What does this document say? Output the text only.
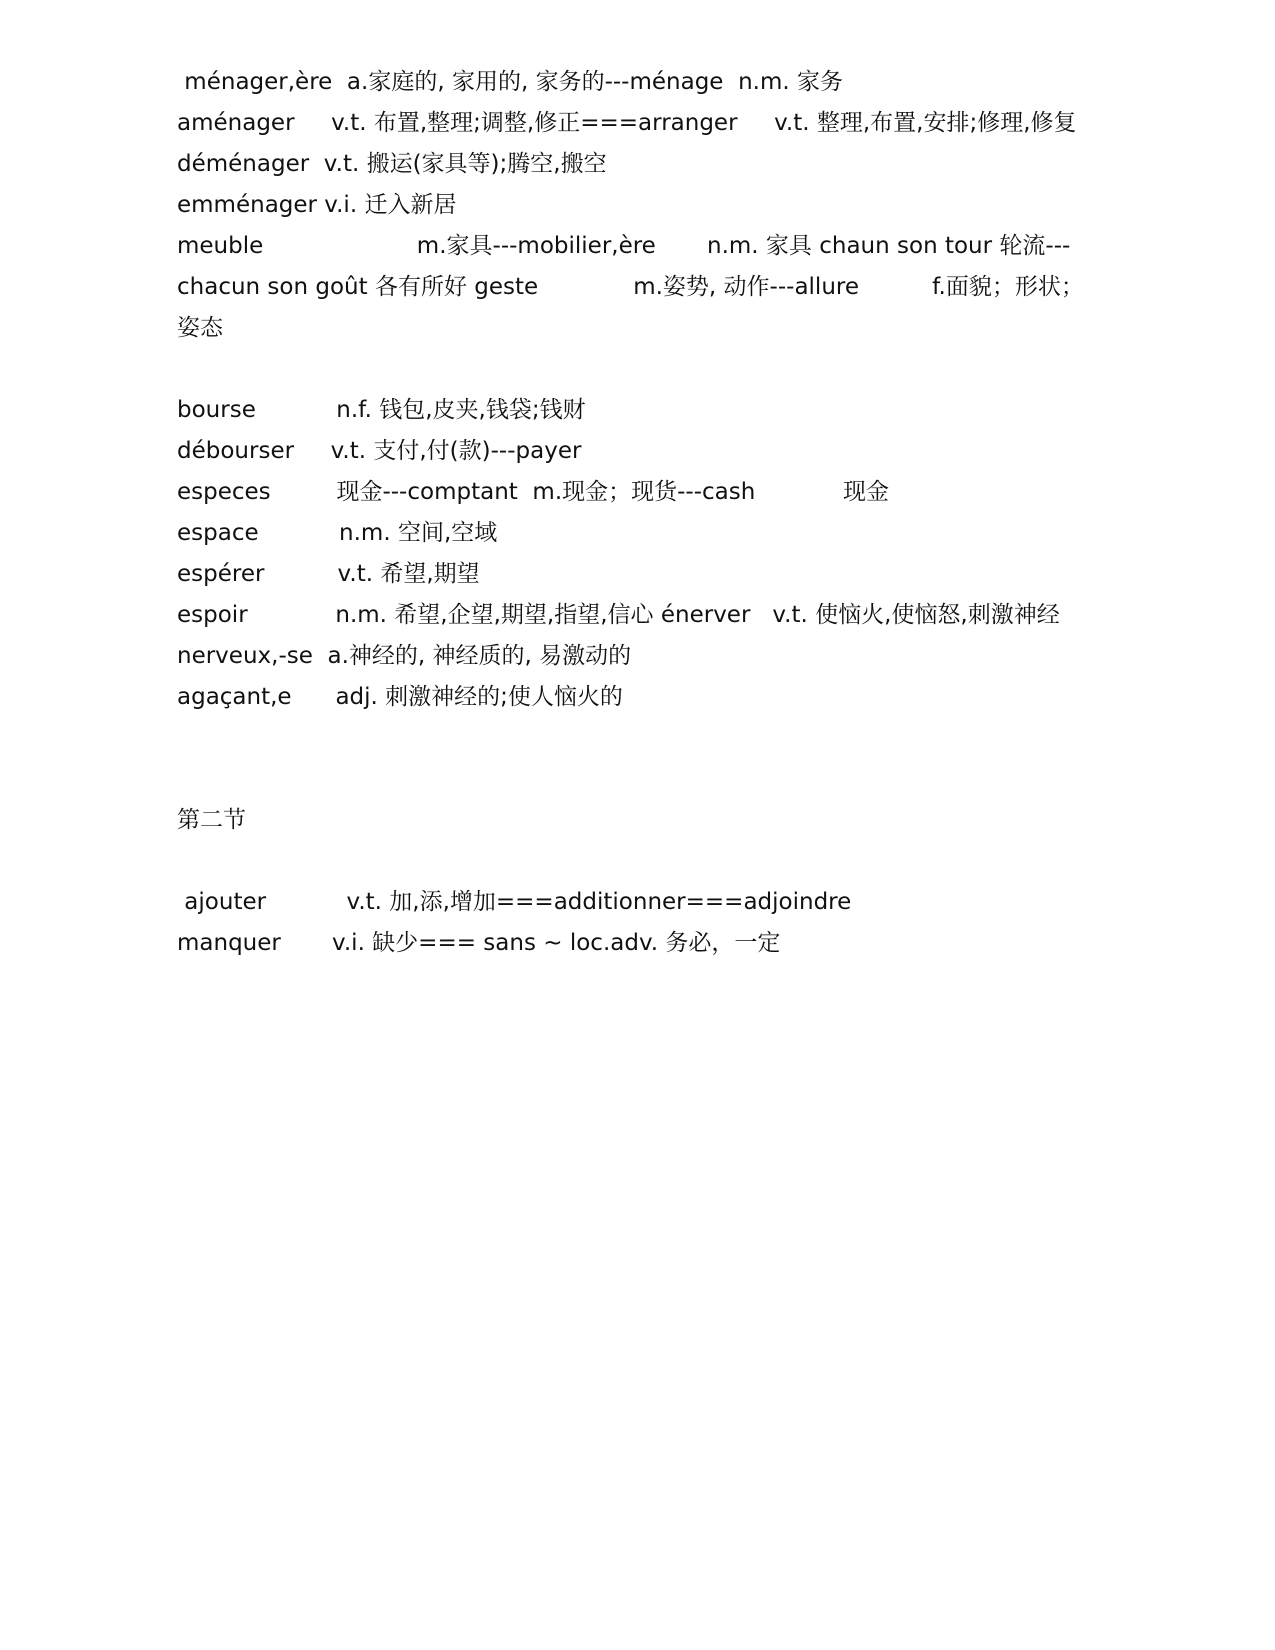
ménager,ère  a.家庭的, 家用的, 家务的---ménage  n.m. 家务
aménager     v.t. 布置,整理;调整,修正===arranger     v.t. 整理,布置,安排;修理,修复
déménager  v.t. 搬运(家具等);腾空,搬空
emménager v.i. 迁入新居
meuble                     m.家具---mobilier,ère       n.m. 家具 chaun son tour 轮流---
chacun son goût 各有所好 geste             m.姿势, 动作---allure          f.面貌；形状；
姿态
bourse           n.f. 钱包,皮夹,钱袋;钱财
débourser     v.t. 支付,付(款)---payer
especes         现金---comptant  m.现金；现货---cash            现金
espace           n.m. 空间,空域
espérer          v.t. 希望,期望
espoir            n.m. 希望,企望,期望,指望,信心 énerver   v.t. 使恼火,使恼怒,刺激神经
nerveux,-se  a.神经的, 神经质的, 易激动的
agaçant,e      adj. 刺激神经的;使人恼火的
第二节
ajouter           v.t. 加,添,增加===additionner===adjoindre
manquer       v.i. 缺少=== sans ~ loc.adv. 务必，一定
